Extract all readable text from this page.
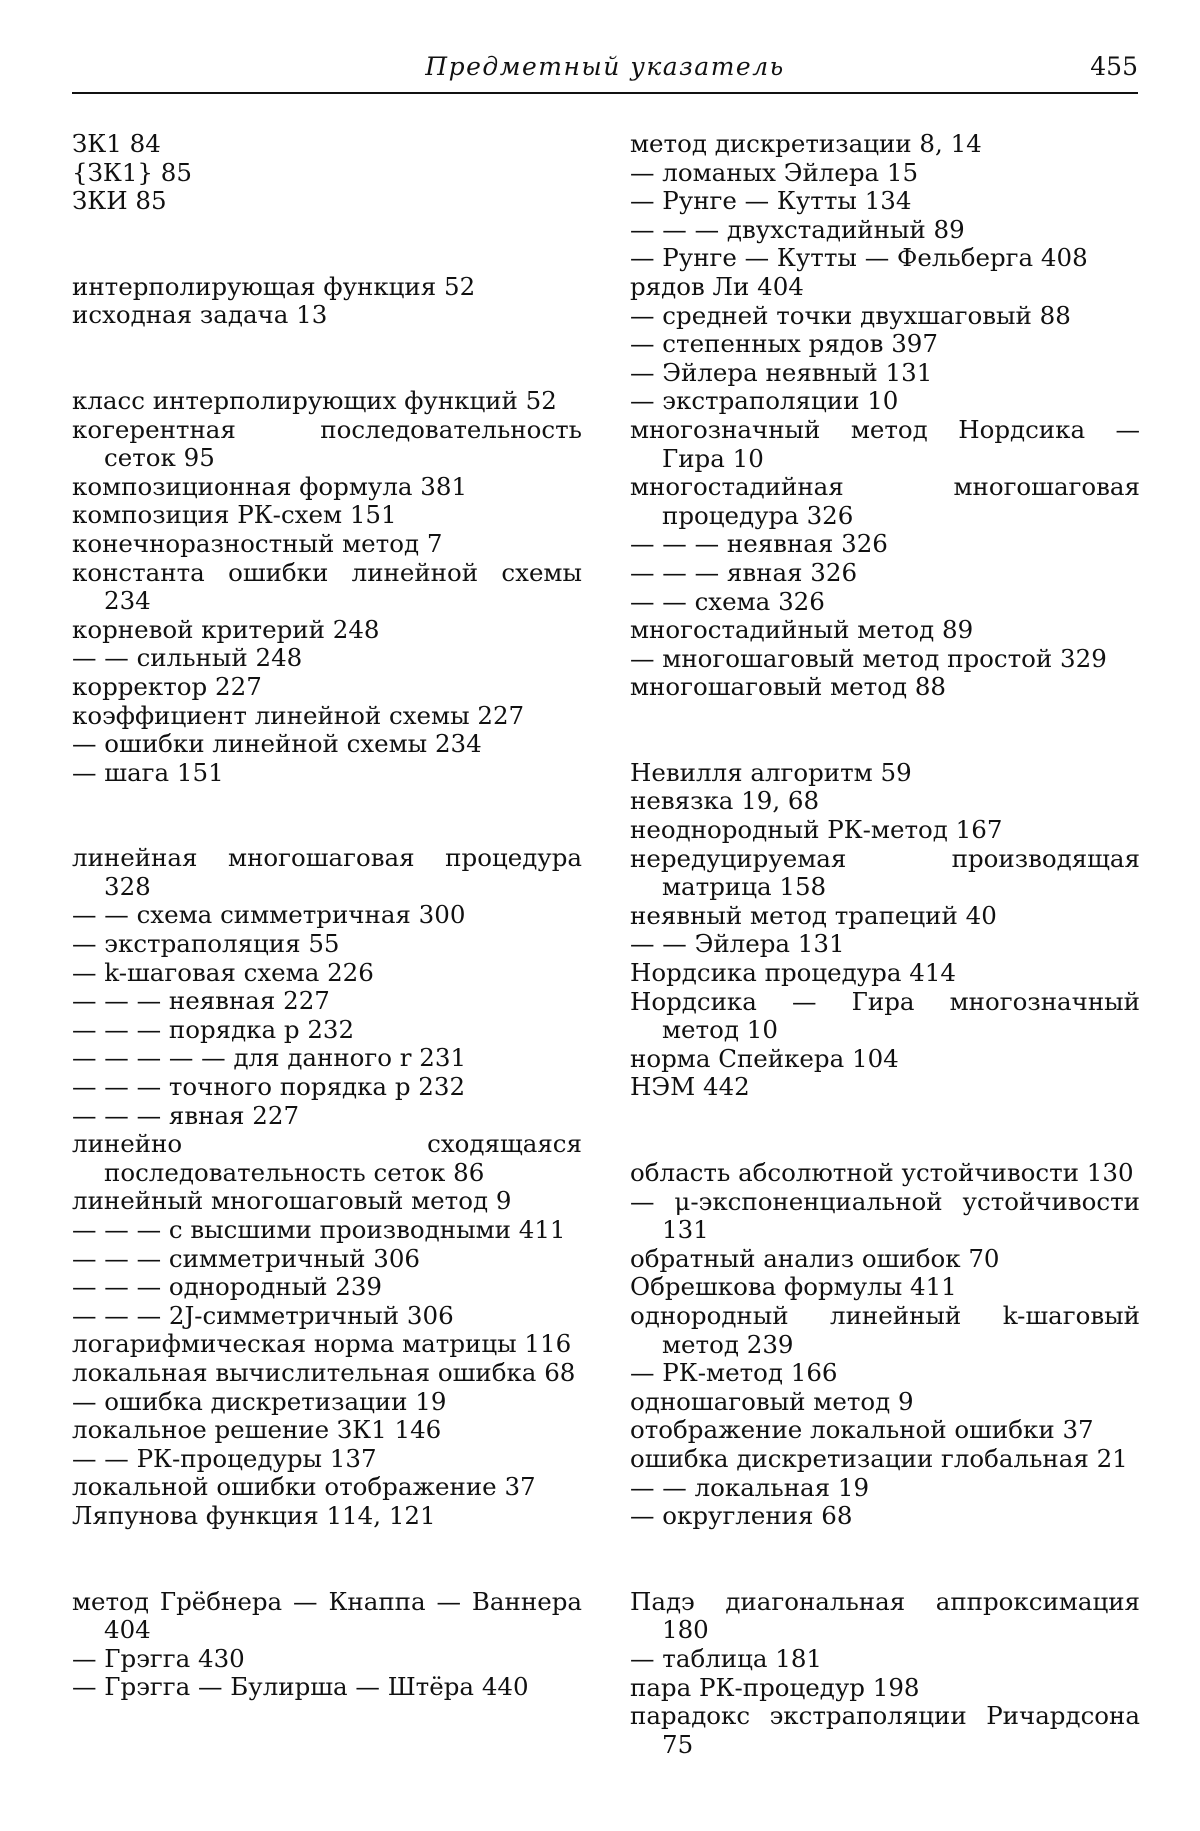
Предметный указатель	455
ЗК1 84
{ЗК1} 85
ЗКИ 85
интерполирующая функция 52
исходная задача 13
класс интерполирующих функций 52
когерентная последовательность сеток 95
композиционная формула 381
композиция РК-схем 151
конечноразностный метод 7
константа ошибки линейной схемы 234
корневой критерий 248
— — сильный 248
корректор 227
коэффициент линейной схемы 227
— ошибки линейной схемы 234
— шага 151
линейная многошаговая процедура 328
— — схема симметричная 300
— экстраполяция 55
— k-шаговая схема 226
— — — неявная 227
— — — порядка p 232
— — — — — для данного r 231
— — — точного порядка p 232
— — — явная 227
линейно сходящаяся последовательность сеток 86
линейный многошаговый метод 9
— — — с высшими производными 411
— — — симметричный 306
— — — однородный 239
— — — 2J-симметричный 306
логарифмическая норма матрицы 116
локальная вычислительная ошибка 68
— ошибка дискретизации 19
локальное решение ЗК1 146
— — РК-процедуры 137
локальной ошибки отображение 37
Ляпунова функция 114, 121
метод Грёбнера — Кнаппа — Ваннера 404
— Грэгга 430
— Грэгга — Булирша — Штёра 440
метод дискретизации 8, 14
— ломаных Эйлера 15
— Рунге — Кутты 134
— — — двухстадийный 89
— Рунге — Кутты — Фельберга 408
рядов Ли 404
— средней точки двухшаговый 88
— степенных рядов 397
— Эйлера неявный 131
— экстраполяции 10
многозначный метод Нордсика — Гира 10
многостадийная многошаговая процедура 326
— — — неявная 326
— — — явная 326
— — схема 326
многостадийный метод 89
— многошаговый метод простой 329
многошаговый метод 88
Невилля алгоритм 59
невязка 19, 68
неоднородный РК-метод 167
нередуцируемая производящая матрица 158
неявный метод трапеций 40
— — Эйлера 131
Нордсика процедура 414
Нордсика — Гира многозначный метод 10
норма Спейкера 104
НЭМ 442
область абсолютной устойчивости 130
— μ-экспоненциальной устойчивости 131
обратный анализ ошибок 70
Обрешкова формулы 411
однородный линейный k-шаговый метод 239
— РК-метод 166
одношаговый метод 9
отображение локальной ошибки 37
ошибка дискретизации глобальная 21
— — локальная 19
— округления 68
Падэ диагональная аппроксимация 180
— таблица 181
пара РК-процедур 198
парадокс экстраполяции Ричардсона 75
